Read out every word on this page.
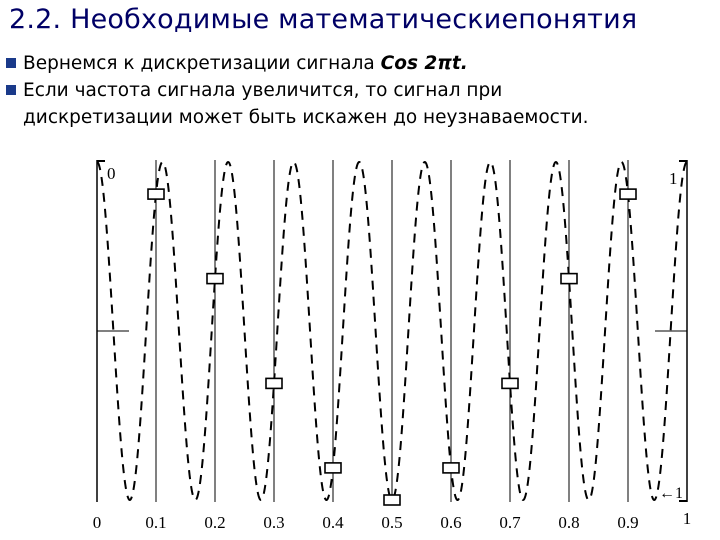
2.2. Необходимые математическиепонятия
Вернемся к дискретизации сигнала Cos 2πt.
Если частота сигнала увеличится, то сигнал при
дискретизации может быть искажен до неузнаваемости.
0	0.1 0.2 0.3 0.4 0.5 0.6 0.7 0.8 0.9	1
0	1
←1
